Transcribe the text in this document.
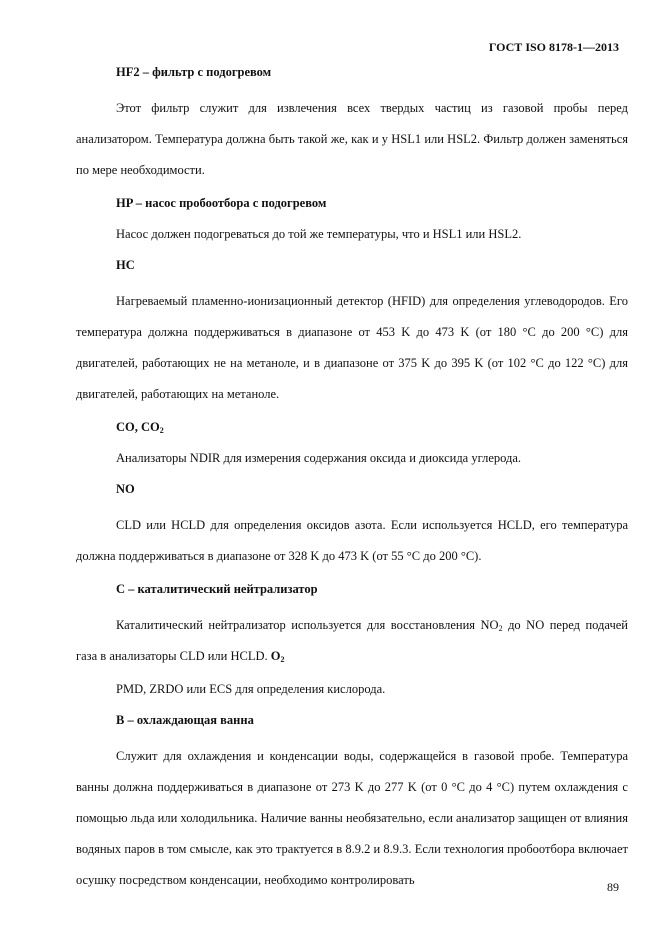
ГОСТ ISO 8178-1—2013
HF2 – фильтр с подогревом

Этот фильтр служит для извлечения всех твердых частиц из газовой пробы перед анализатором. Температура должна быть такой же, как и у HSL1 или HSL2. Фильтр должен заменяться по мере необходимости.

HP – насос пробоотбора с подогревом

Насос должен подогреваться до той же температуры, что и HSL1 или HSL2.

HC

Нагреваемый пламенно-ионизационный детектор (HFID) для определения углеводородов. Его температура должна поддерживаться в диапазоне от 453 K до 473 K (от 180 °С до 200 °С) для двигателей, работающих не на метаноле, и в диапазоне от 375 K до 395 K (от 102 °С до 122 °С) для двигателей, работающих на метаноле.

CO, $CO_2$

Анализаторы NDIR для измерения содержания оксида и диоксида углерода.

NO

CLD или HCLD для определения оксидов азота. Если используется HCLD, его температура должна поддерживаться в диапазоне от 328 K до 473 K (от 55 °С до 200 °С).

С – каталитический нейтрализатор

Каталитический нейтрализатор используется для восстановления $NO_2$ до NO перед подачей газа в анализаторы CLD или HCLD. $O_2$

PMD, ZRDO или ECS для определения кислорода.

B – охлаждающая ванна

Служит для охлаждения и конденсации воды, содержащейся в газовой пробе. Температура ванны должна поддерживаться в диапазоне от 273 K до 277 K (от 0 °С до 4 °С) путем охлаждения с помощью льда или холодильника. Наличие ванны необязательно, если анализатор защищен от влияния водяных паров в том смысле, как это трактуется в 8.9.2 и 8.9.3. Если технология пробоотбора включает осушку посредством конденсации, необходимо контролировать	89
